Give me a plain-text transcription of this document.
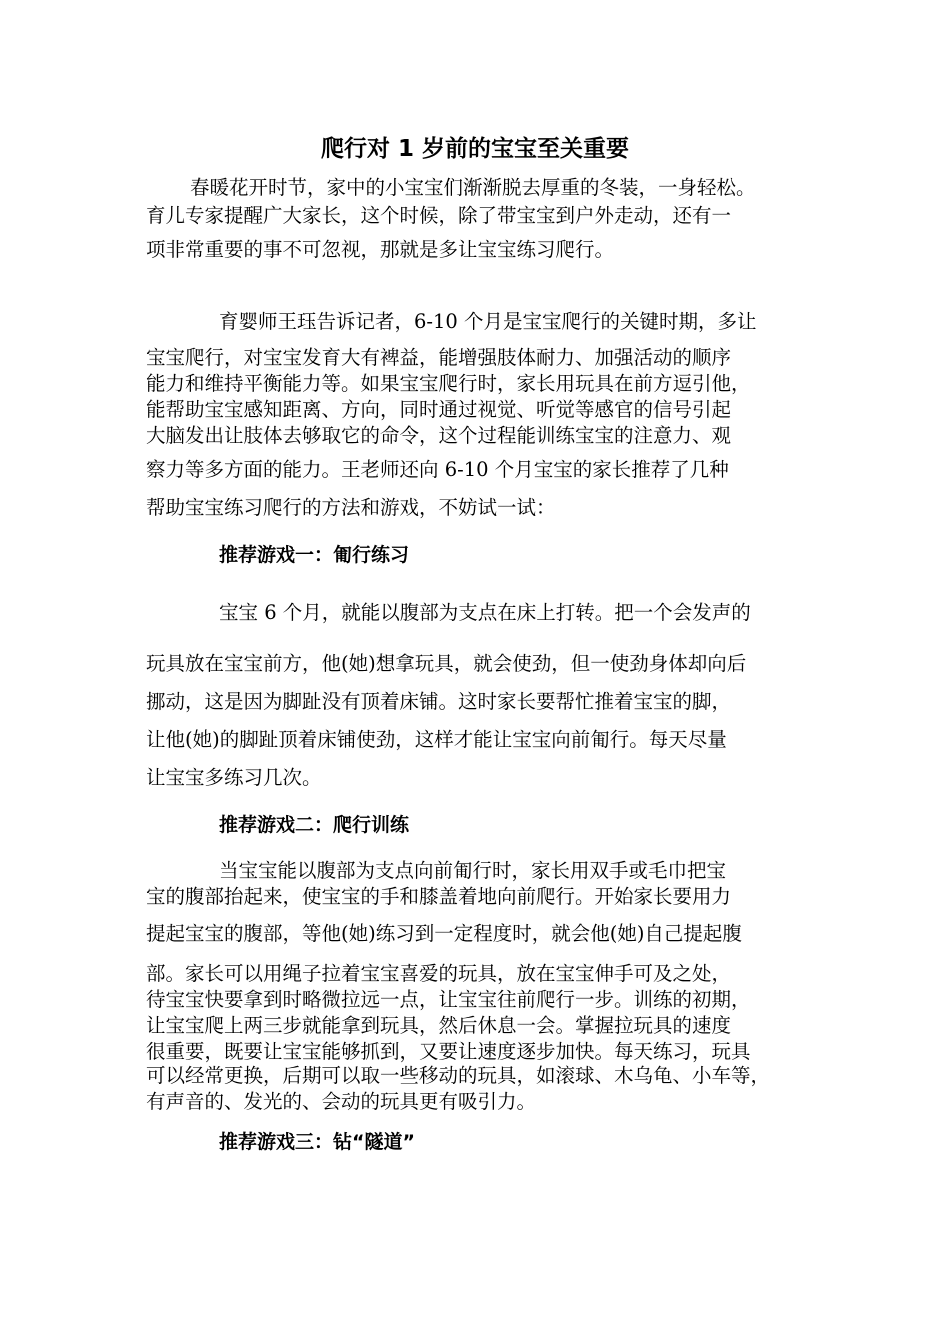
爬行对 1 岁前的宝宝至关重要
春暖花开时节，家中的小宝宝们渐渐脱去厚重的冬装，一身轻松。
育儿专家提醒广大家长，这个时候，除了带宝宝到户外走动，还有一
项非常重要的事不可忽视，那就是多让宝宝练习爬行。
育婴师王珏告诉记者，6-10 个月是宝宝爬行的关键时期，多让
宝宝爬行，对宝宝发育大有裨益，能增强肢体耐力、加强活动的顺序
能力和维持平衡能力等。如果宝宝爬行时，家长用玩具在前方逗引他，
能帮助宝宝感知距离、方向，同时通过视觉、听觉等感官的信号引起
大脑发出让肢体去够取它的命令，这个过程能训练宝宝的注意力、观
察力等多方面的能力。王老师还向 6-10 个月宝宝的家长推荐了几种
帮助宝宝练习爬行的方法和游戏，不妨试一试：
推荐游戏一：匍行练习
宝宝 6 个月，就能以腹部为支点在床上打转。把一个会发声的
玩具放在宝宝前方，他(她)想拿玩具，就会使劲，但一使劲身体却向后
挪动，这是因为脚趾没有顶着床铺。这时家长要帮忙推着宝宝的脚，
让他(她)的脚趾顶着床铺使劲，这样才能让宝宝向前匍行。每天尽量
让宝宝多练习几次。
推荐游戏二：爬行训练
当宝宝能以腹部为支点向前匍行时，家长用双手或毛巾把宝
宝的腹部抬起来，使宝宝的手和膝盖着地向前爬行。开始家长要用力
提起宝宝的腹部，等他(她)练习到一定程度时，就会他(她)自己提起腹
部。家长可以用绳子拉着宝宝喜爱的玩具，放在宝宝伸手可及之处，
待宝宝快要拿到时略微拉远一点，让宝宝往前爬行一步。训练的初期，
让宝宝爬上两三步就能拿到玩具，然后休息一会。掌握拉玩具的速度
很重要，既要让宝宝能够抓到，又要让速度逐步加快。每天练习，玩具
可以经常更换，后期可以取一些移动的玩具，如滚球、木乌龟、小车等，
有声音的、发光的、会动的玩具更有吸引力。
推荐游戏三：钻“隧道”
